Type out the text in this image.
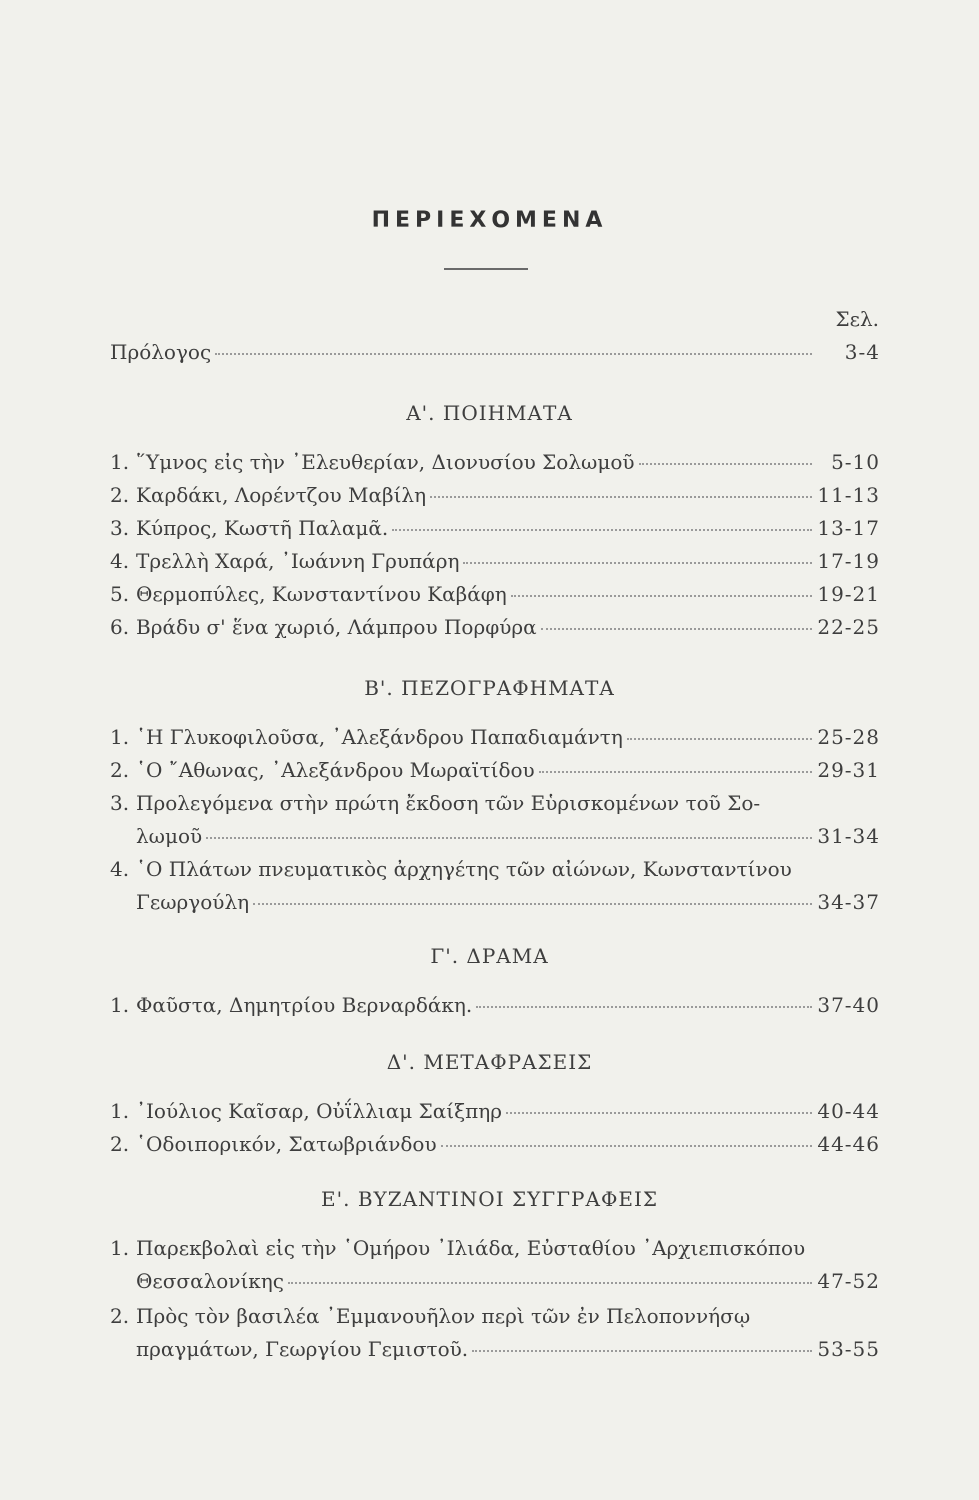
ΠΕΡΙΕΧΟΜΕΝΑ
Σελ.
Πρόλογος	3-4
Α'. ΠΟΙΗΜΑΤΑ
1. ῞Υμνος εἰς τὴν ᾿Ελευθερίαν, Διονυσίου Σολωμοῦ	5-10
2. Καρδάκι, Λορέντζου Μαβίλη	11-13
3. Κύπρος, Κωστῆ Παλαμᾶ.	13-17
4. Τρελλὴ Χαρά, ᾿Ιωάννη Γρυπάρη	17-19
5. Θερμοπύλες, Κωνσταντίνου Καβάφη	19-21
6. Βράδυ σ' ἕνα χωριό, Λάμπρου Πορφύρα	22-25
Β'. ΠΕΖΟΓΡΑΦΗΜΑΤΑ
1. ῾Η Γλυκοφιλοῦσα, ᾿Αλεξάνδρου Παπαδιαμάντη	25-28
2. ῾Ο ῎Αθωνας, ᾿Αλεξάνδρου Μωραϊτίδου	29-31
3. Προλεγόμενα στὴν πρώτη ἔκδοση τῶν Εὑρισκομένων τοῦ Σο-
λωμοῦ	31-34
4. ῾Ο Πλάτων πνευματικὸς ἀρχηγέτης τῶν αἰώνων, Κωνσταντίνου
Γεωργούλη	34-37
Γ'. ΔΡΑΜΑ
1. Φαῦστα, Δημητρίου Βερναρδάκη.	37-40
Δ'. ΜΕΤΑΦΡΑΣΕΙΣ
1. ᾿Ιούλιος Καῖσαρ, Οὐΐλλιαμ Σαίξπηρ	40-44
2. ῾Οδοιπορικόν, Σατωβριάνδου	44-46
Ε'. ΒΥΖΑΝΤΙΝΟΙ ΣΥΓΓΡΑΦΕΙΣ
1. Παρεκβολαὶ εἰς τὴν ῾Ομήρου ᾿Ιλιάδα, Εὐσταθίου ᾿Αρχιεπισκόπου
Θεσσαλονίκης	47-52
2. Πρὸς τὸν βασιλέα ᾿Εμμανουῆλον περὶ τῶν ἐν Πελοποννήσῳ
πραγμάτων, Γεωργίου Γεμιστοῦ.	53-55
